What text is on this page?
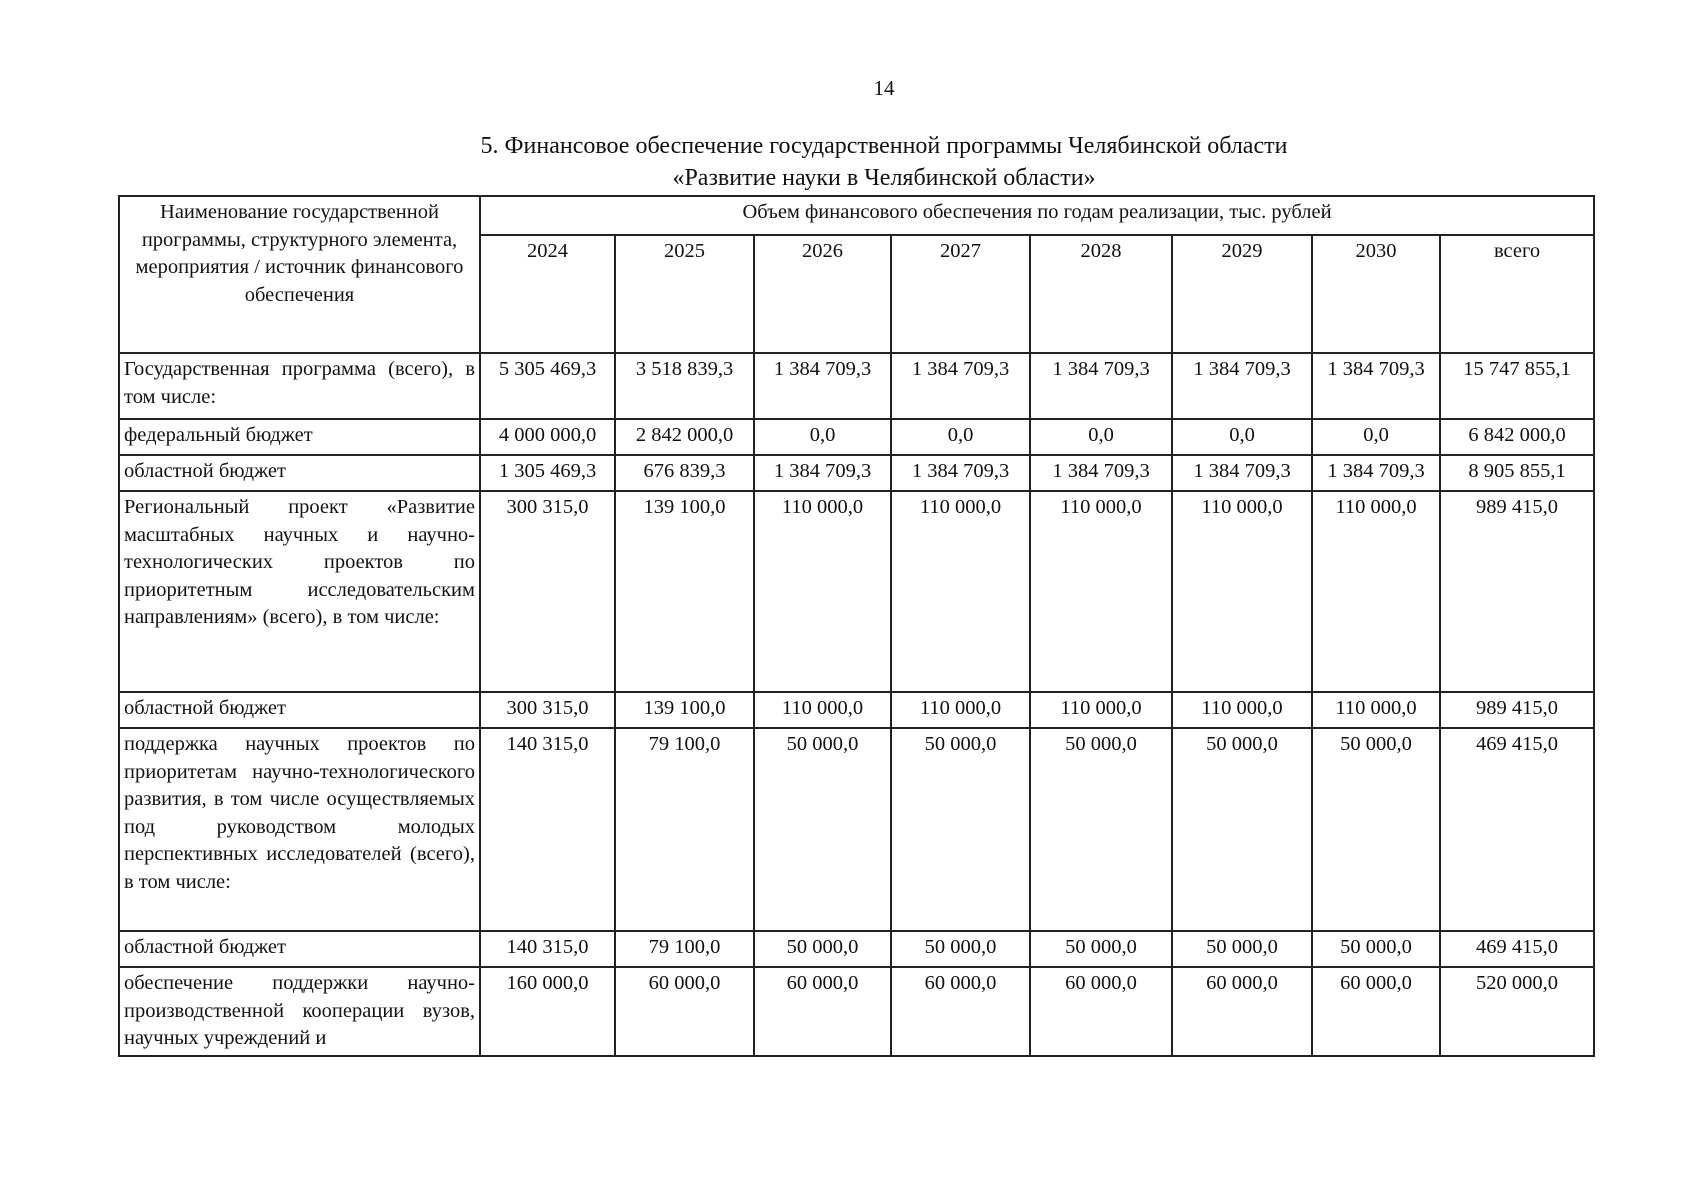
14
5. Финансовое обеспечение государственной программы Челябинской области
«Развитие науки в Челябинской области»
Наименование государственной программы, структурного элемента, мероприятия / источник финансового обеспечения	Объем финансового обеспечения по годам реализации, тыс. рублей							
	2024	2025	2026	2027	2028	2029	2030	всего
Государственная программа (всего), в том числе:	5 305 469,3	3 518 839,3	1 384 709,3	1 384 709,3	1 384 709,3	1 384 709,3	1 384 709,3	15 747 855,1
федеральный бюджет	4 000 000,0	2 842 000,0	0,0	0,0	0,0	0,0	0,0	6 842 000,0
областной бюджет	1 305 469,3	676 839,3	1 384 709,3	1 384 709,3	1 384 709,3	1 384 709,3	1 384 709,3	8 905 855,1
Региональный проект «Развитие масштабных научных и научно-технологических проектов по приоритетным исследовательским направлениям» (всего), в том числе:	300 315,0	139 100,0	110 000,0	110 000,0	110 000,0	110 000,0	110 000,0	989 415,0
областной бюджет	300 315,0	139 100,0	110 000,0	110 000,0	110 000,0	110 000,0	110 000,0	989 415,0
поддержка научных проектов по приоритетам научно-технологического развития, в том числе осуществляемых под руководством молодых перспективных исследователей (всего), в том числе:	140 315,0	79 100,0	50 000,0	50 000,0	50 000,0	50 000,0	50 000,0	469 415,0
областной бюджет	140 315,0	79 100,0	50 000,0	50 000,0	50 000,0	50 000,0	50 000,0	469 415,0
обеспечение поддержки научно-производственной кооперации вузов, научных учреждений и	160 000,0	60 000,0	60 000,0	60 000,0	60 000,0	60 000,0	60 000,0	520 000,0
